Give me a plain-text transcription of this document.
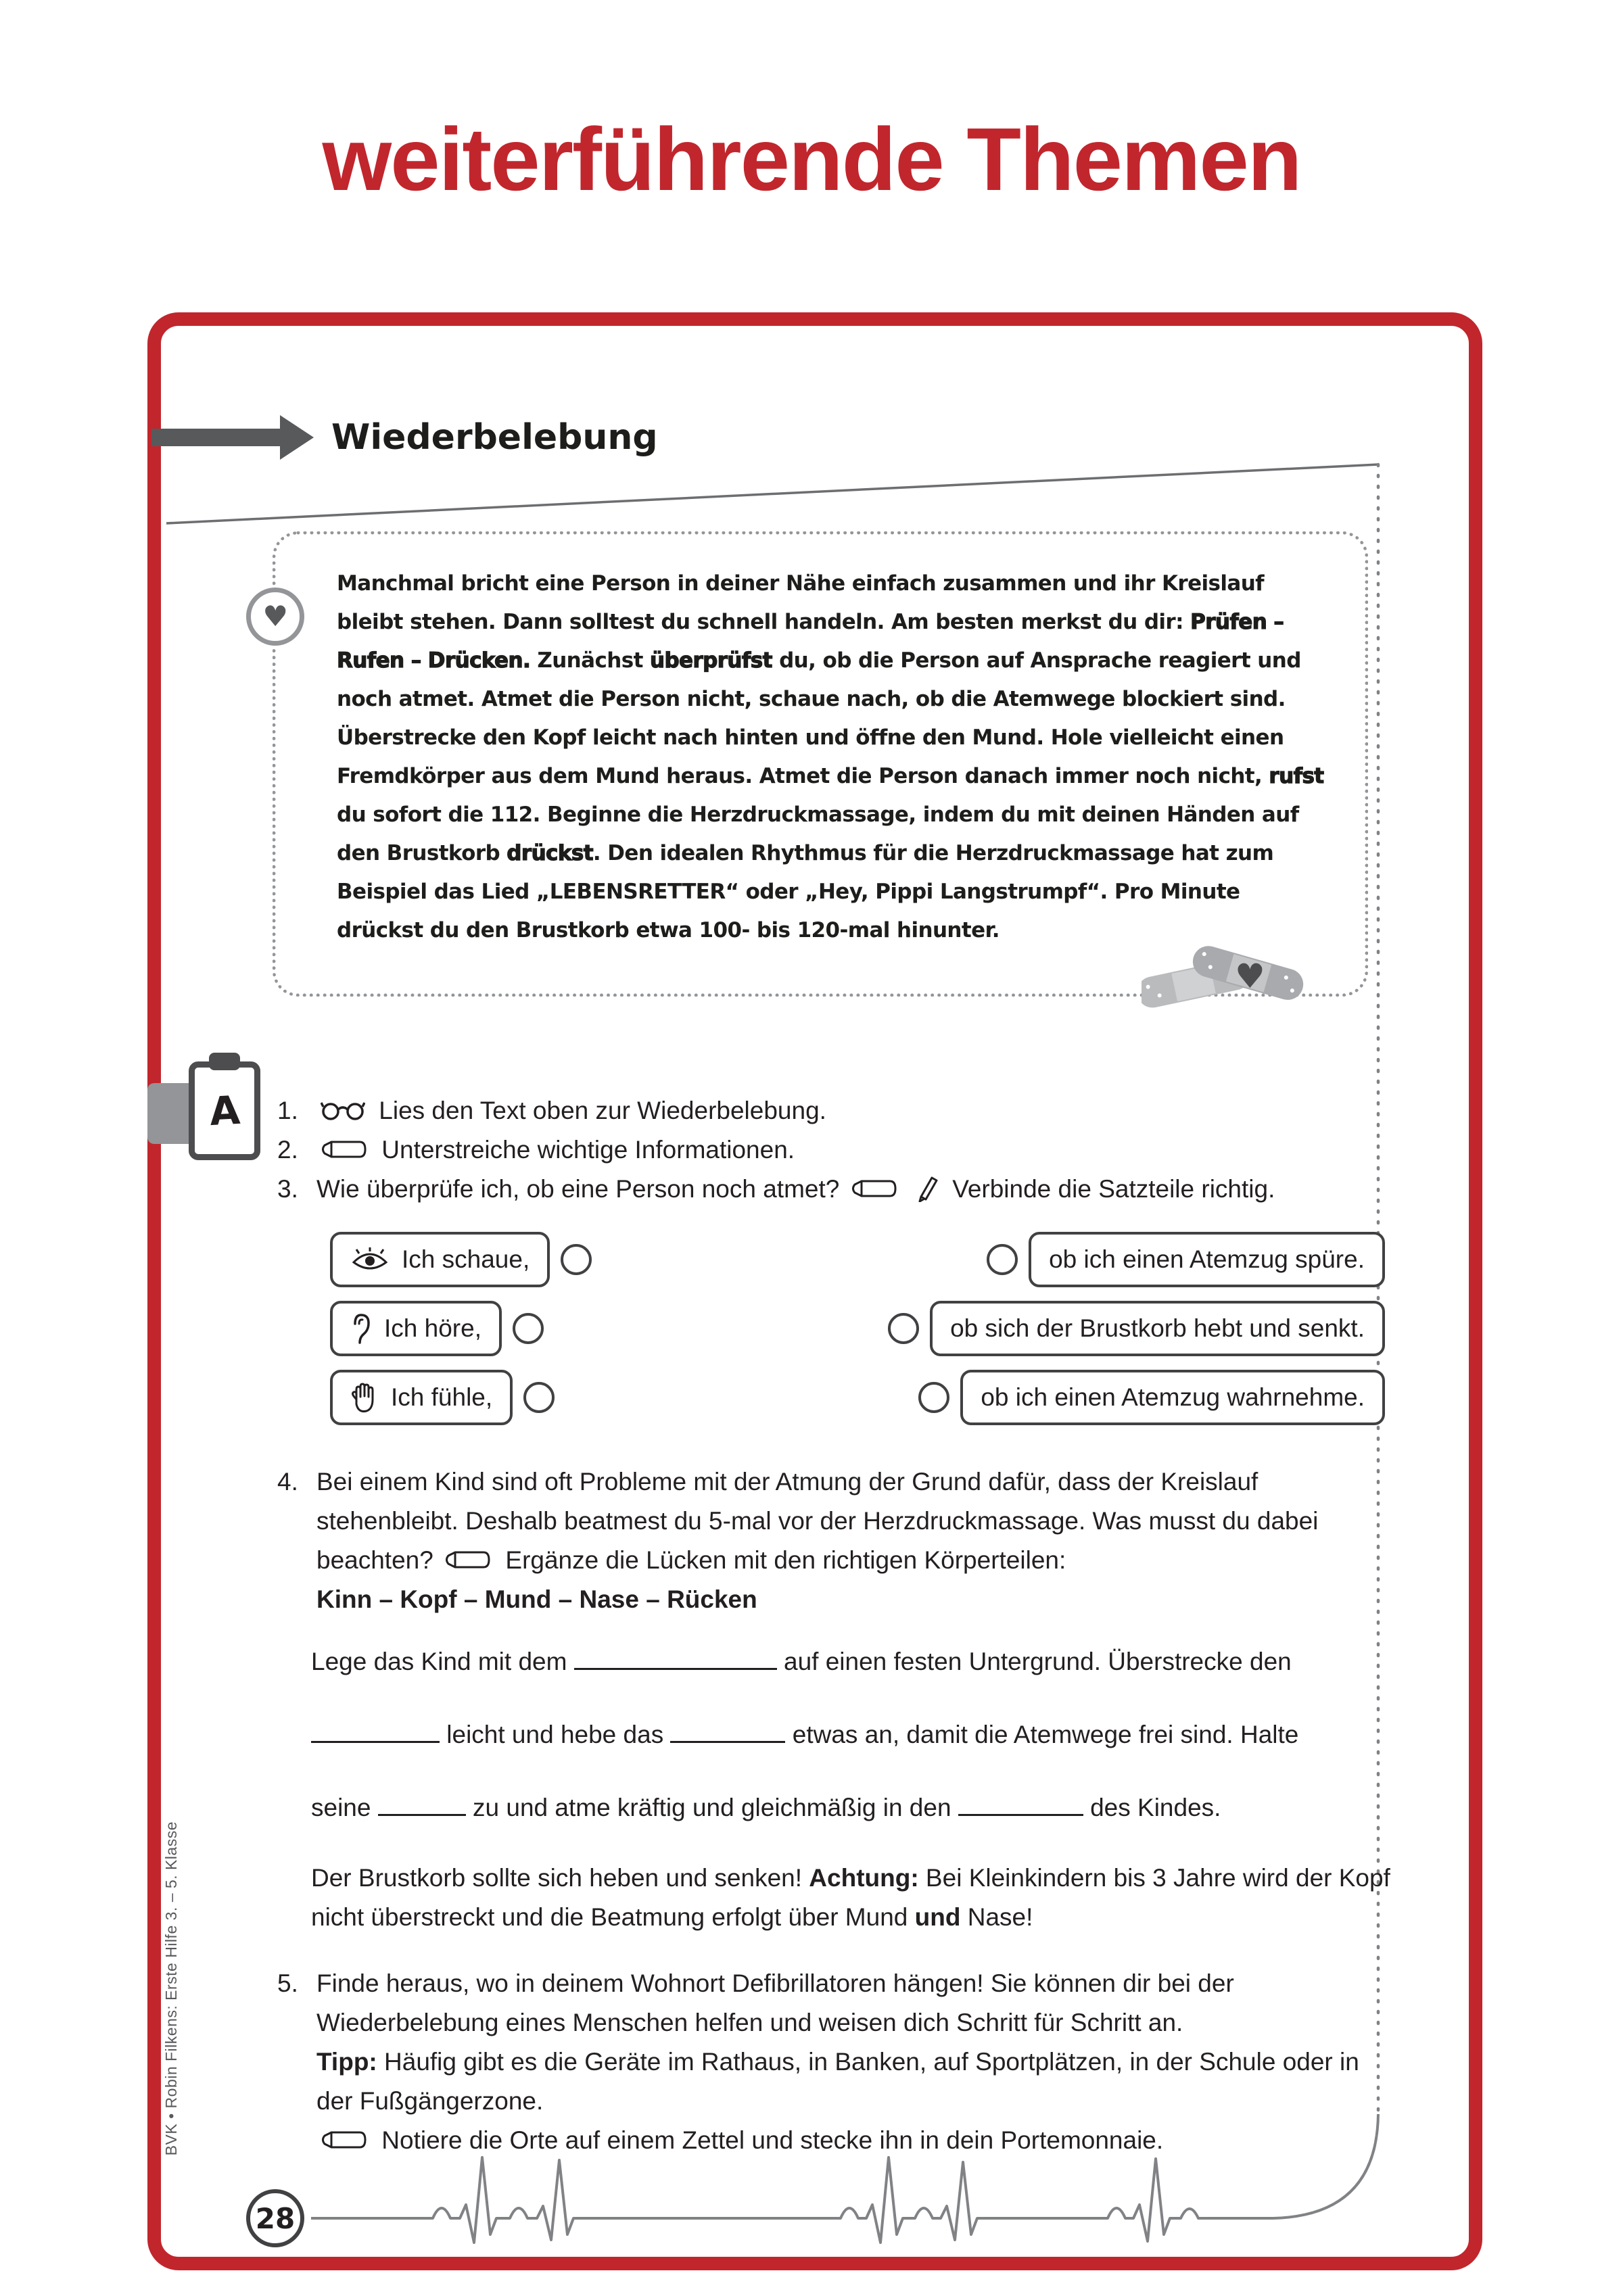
weiterführende Themen
Wiederbelebung
♥
Manchmal bricht eine Person in deiner Nähe einfach zusammen und ihr Kreislauf bleibt stehen. Dann solltest du schnell handeln. Am besten merkst du dir: Prüfen – Rufen – Drücken. Zunächst überprüfst du, ob die Person auf Ansprache reagiert und noch atmet. Atmet die Person nicht, schaue nach, ob die Atemwege blockiert sind. Überstrecke den Kopf leicht nach hinten und öffne den Mund. Hole vielleicht einen Fremdkörper aus dem Mund heraus. Atmet die Person danach immer noch nicht, rufst du sofort die 112. Beginne die Herzdruckmassage, indem du mit deinen Händen auf den Brustkorb drückst. Den idealen Rhythmus für die Herzdruckmassage hat zum Beispiel das Lied „LEBENSRETTER“ oder „Hey, Pippi Langstrumpf“. Pro Minute drückst du den Brustkorb etwa 100- bis 120-mal hinunter.
♥
A 1.	Lies den Text oben zur Wiederbelebung.
2.	Unterstreiche wichtige Informationen.
3. Wie überprüfe ich, ob eine Person noch atmet?	Verbinde die Satzteile richtig.
Ich schaue,	ob ich einen Atemzug spüre.
Ich höre,	ob sich der Brustkorb hebt und senkt.
Ich fühle,	ob ich einen Atemzug wahrnehme.
4. Bei einem Kind sind oft Probleme mit der Atmung der Grund dafür, dass der Kreislauf stehenbleibt. Deshalb beatmest du 5-mal vor der Herzdruckmassage. Was musst du dabei beachten?	Ergänze die Lücken mit den richtigen Körperteilen:
Kinn – Kopf – Mund – Nase – Rücken
Lege das Kind mit dem	auf einen festen Untergrund. Überstrecke den
leicht und hebe das	etwas an, damit die Atemwege frei sind. Halte
seine	zu und atme kräftig und gleichmäßig in den	des Kindes.
Der Brustkorb sollte sich heben und senken! Achtung: Bei Kleinkindern bis 3 Jahre wird der Kopf nicht überstreckt und die Beatmung erfolgt über Mund und Nase!
5. Finde heraus, wo in deinem Wohnort Defibrillatoren hängen! Sie können dir bei der Wiederbelebung eines Menschen helfen und weisen dich Schritt für Schritt an.
Tipp: Häufig gibt es die Geräte im Rathaus, in Banken, auf Sportplätzen, in der Schule oder in der Fußgängerzone.
Notiere die Orte auf einem Zettel und stecke ihn in dein Portemonnaie.
28
BVK • Robin Filkens: Erste Hilfe 3. – 5. Klasse
